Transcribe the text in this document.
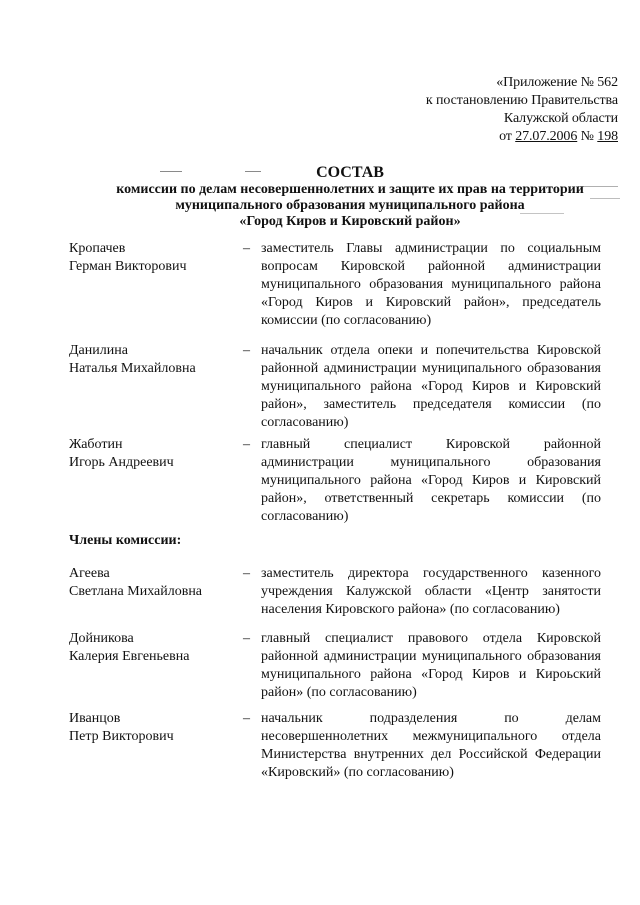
«Приложение № 562
к постановлению Правительства
Калужской области
от 27.07.2006 № 198
СОСТАВ
комиссии по делам несовершеннолетних и защите их прав на территории
муниципального образования муниципального района
«Город Киров и Кировский район»
Кропачев
Герман Викторович
– заместитель Главы администрации по социальным вопросам Кировской районной администрации муниципального образования муниципального района «Город Киров и Кировский район», председатель комиссии (по согласованию)
Данилина
Наталья Михайловна
– начальник отдела опеки и попечительства Кировской районной администрации муниципального образования муниципального района «Город Киров и Кировский район», заместитель председателя комиссии (по согласованию)
Жаботин
Игорь Андреевич
– главный специалист Кировской районной администрации муниципального образования муниципального района «Город Киров и Кировский район», ответственный секретарь комиссии (по согласованию)
Члены комиссии:
Агеева
Светлана Михайловна
– заместитель директора государственного казенного учреждения Калужской области «Центр занятости населения Кировского района» (по согласованию)
Дойникова
Калерия Евгеньевна
– главный специалист правового отдела Кировской районной администрации муниципального образования муниципального района «Город Киров и Кироьский район» (по согласованию)
Иванцов
Петр Викторович
– начальник подразделения по делам несовершеннолетних межмуниципального отдела Министерства внутренних дел Российской Федерации «Кировский» (по согласованию)
